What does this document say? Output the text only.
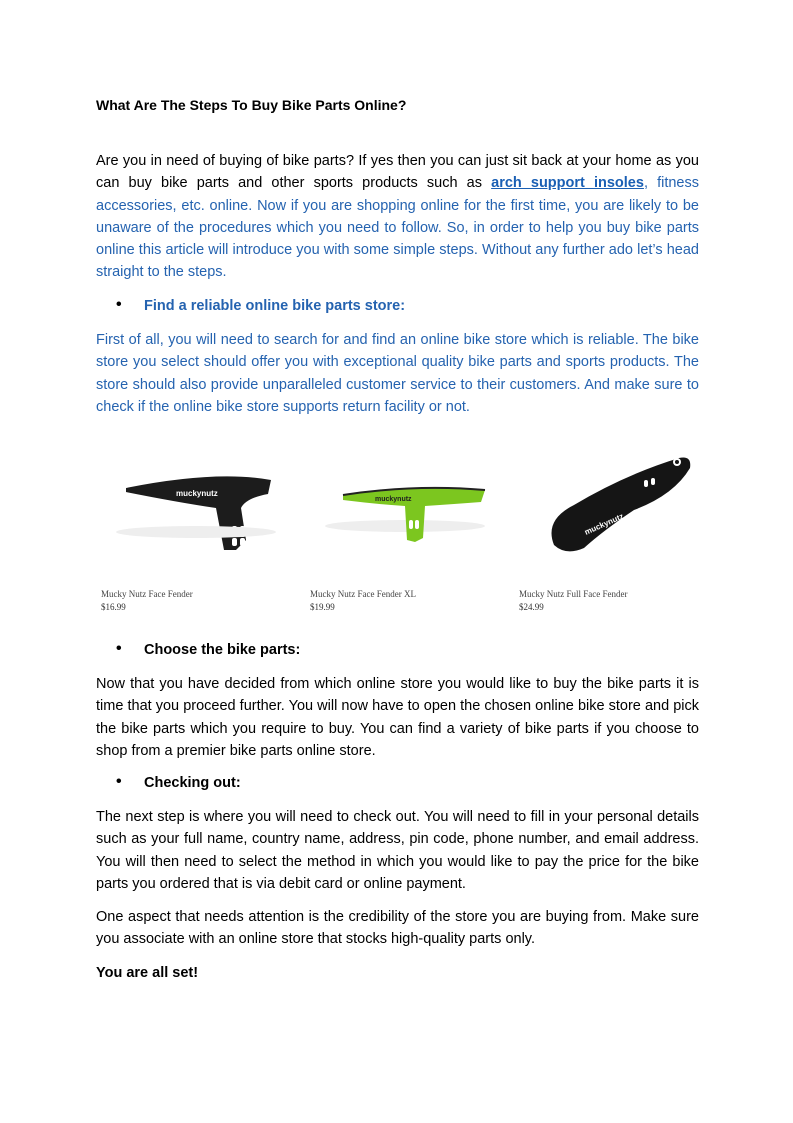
What Are The Steps To Buy Bike Parts Online?
Are you in need of buying of bike parts? If yes then you can just sit back at your home as you can buy bike parts and other sports products such as arch support insoles, fitness accessories, etc. online. Now if you are shopping online for the first time, you are likely to be unaware of the procedures which you need to follow. So, in order to help you buy bike parts online this article will introduce you with some simple steps. Without any further ado let’s head straight to the steps.
• Find a reliable online bike parts store:
First of all, you will need to search for and find an online bike store which is reliable. The bike store you select should offer you with exceptional quality bike parts and sports products. The store should also provide unparalleled customer service to their customers. And make sure to check if the online bike store supports return facility or not.
muckynutz
Mucky Nutz Face Fender
$16.99
muckynutz
Mucky Nutz Face Fender XL
$19.99
muckynutz
Mucky Nutz Full Face Fender
$24.99
• Choose the bike parts:
Now that you have decided from which online store you would like to buy the bike parts it is time that you proceed further. You will now have to open the chosen online bike store and pick the bike parts which you require to buy. You can find a variety of bike parts if you choose to shop from a premier bike parts online store.
• Checking out:
The next step is where you will need to check out. You will need to fill in your personal details such as your full name, country name, address, pin code, phone number, and email address. You will then need to select the method in which you would like to pay the price for the bike parts you ordered that is via debit card or online payment.
One aspect that needs attention is the credibility of the store you are buying from. Make sure you associate with an online store that stocks high-quality parts only.
You are all set!
